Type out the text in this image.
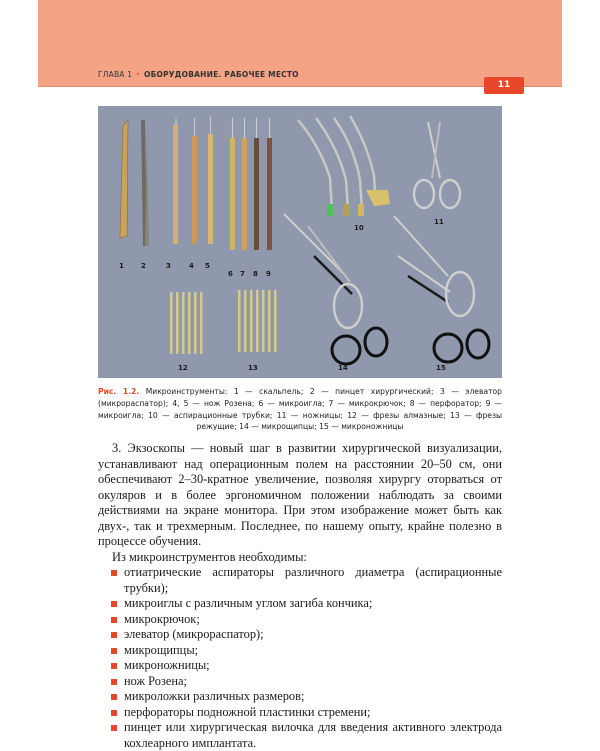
ГЛАВА 1 • ОБОРУДОВАНИЕ. РАБОЧЕЕ МЕСТО
11
1 2	3	4 5
6 7 8 9
10
11
12	13	14	15
Рис. 1.2. Микроинструменты: 1 — скальпель; 2 — пинцет хирургический; 3 — элеватор (микрораспатор); 4, 5 — нож Розена; 6 — микроигла; 7 — микрокрючок; 8 — перфоратор; 9 — микроигла; 10 — аспирационные трубки; 11 — ножницы; 12 — фрезы алмазные; 13 — фрезы режущие; 14 — микрощипцы; 15 — микроножницы

3. Экзоскопы — новый шаг в развитии хирургической визуализации, устанавливают над операционным полем на расстоянии 20–50 см, они обеспечивают 2–30-кратное увеличение, позволяя хирургу оторваться от окуляров и в более эргономичном положении наблюдать за своими действиями на экране монитора. При этом изображение может быть как двух-, так и трехмерным. Последнее, по нашему опыту, крайне полезно в процессе обучения.

Из микроинструментов необходимы:

отиатрические аспираторы различного диаметра (аспирационные трубки);
микроиглы с различным углом загиба кончика;
микрокрючок;
элеватор (микрораспатор);
микрощипцы;
микроножницы;
нож Розена;
микроложки различных размеров;
перфораторы подножной пластинки стремени;
пинцет или хирургическая вилочка для введения активного электрода кохлеарного имплантата.
